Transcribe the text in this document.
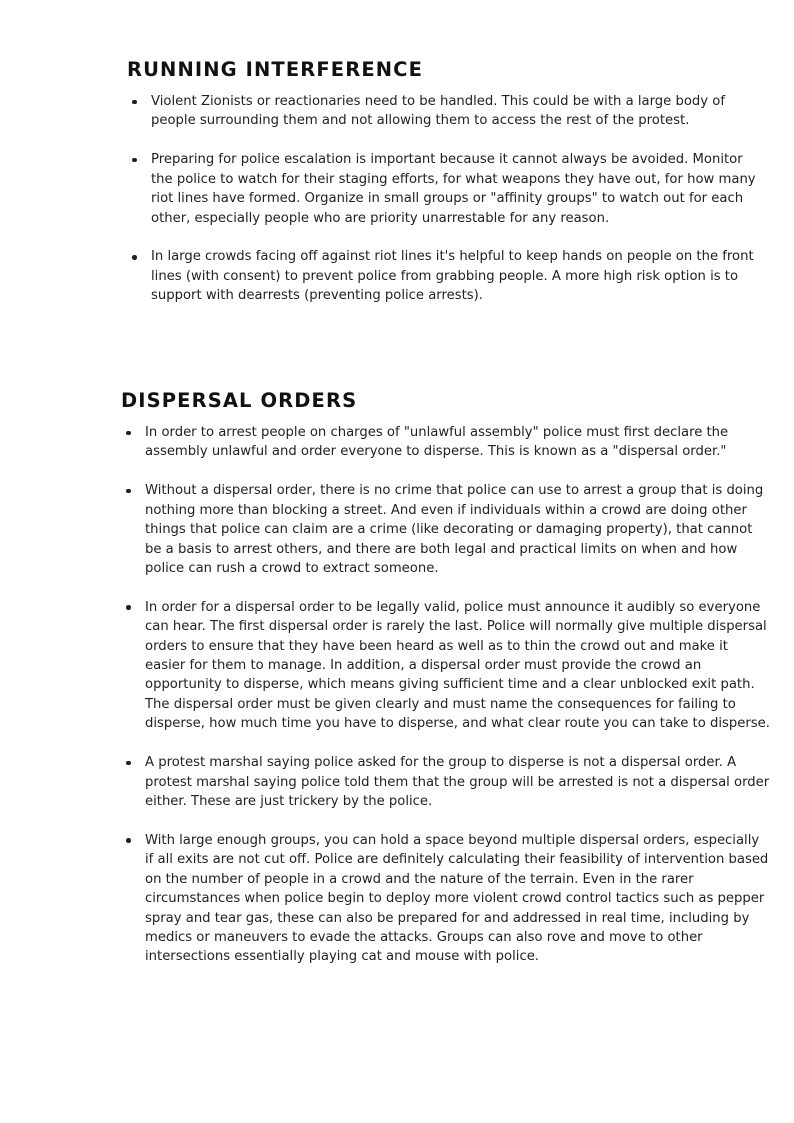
RUNNING INTERFERENCE
Violent Zionists or reactionaries need to be handled. This could be with a large body of people surrounding them and not allowing them to access the rest of the protest.
Preparing for police escalation is important because it cannot always be avoided. Monitor the police to watch for their staging efforts, for what weapons they have out, for how many riot lines have formed. Organize in small groups or "affinity groups" to watch out for each other, especially people who are priority unarrestable for any reason.
In large crowds facing off against riot lines it's helpful to keep hands on people on the front lines (with consent) to prevent police from grabbing people. A more high risk option is to support with dearrests (preventing police arrests).
DISPERSAL ORDERS
In order to arrest people on charges of "unlawful assembly" police must first declare the assembly unlawful and order everyone to disperse. This is known as a "dispersal order."
Without a dispersal order, there is no crime that police can use to arrest a group that is doing nothing more than blocking a street. And even if individuals within a crowd are doing other things that police can claim are a crime (like decorating or damaging property), that cannot be a basis to arrest others, and there are both legal and practical limits on when and how police can rush a crowd to extract someone.
In order for a dispersal order to be legally valid, police must announce it audibly so everyone can hear. The first dispersal order is rarely the last. Police will normally give multiple dispersal orders to ensure that they have been heard as well as to thin the crowd out and make it easier for them to manage. In addition, a dispersal order must provide the crowd an opportunity to disperse, which means giving sufficient time and a clear unblocked exit path. The dispersal order must be given clearly and must name the consequences for failing to disperse, how much time you have to disperse, and what clear route you can take to disperse.
A protest marshal saying police asked for the group to disperse is not a dispersal order. A protest marshal saying police told them that the group will be arrested is not a dispersal order either. These are just trickery by the police.
With large enough groups, you can hold a space beyond multiple dispersal orders, especially if all exits are not cut off. Police are definitely calculating their feasibility of intervention based on the number of people in a crowd and the nature of the terrain. Even in the rarer circumstances when police begin to deploy more violent crowd control tactics such as pepper spray and tear gas, these can also be prepared for and addressed in real time, including by medics or maneuvers to evade the attacks. Groups can also rove and move to other intersections essentially playing cat and mouse with police.
